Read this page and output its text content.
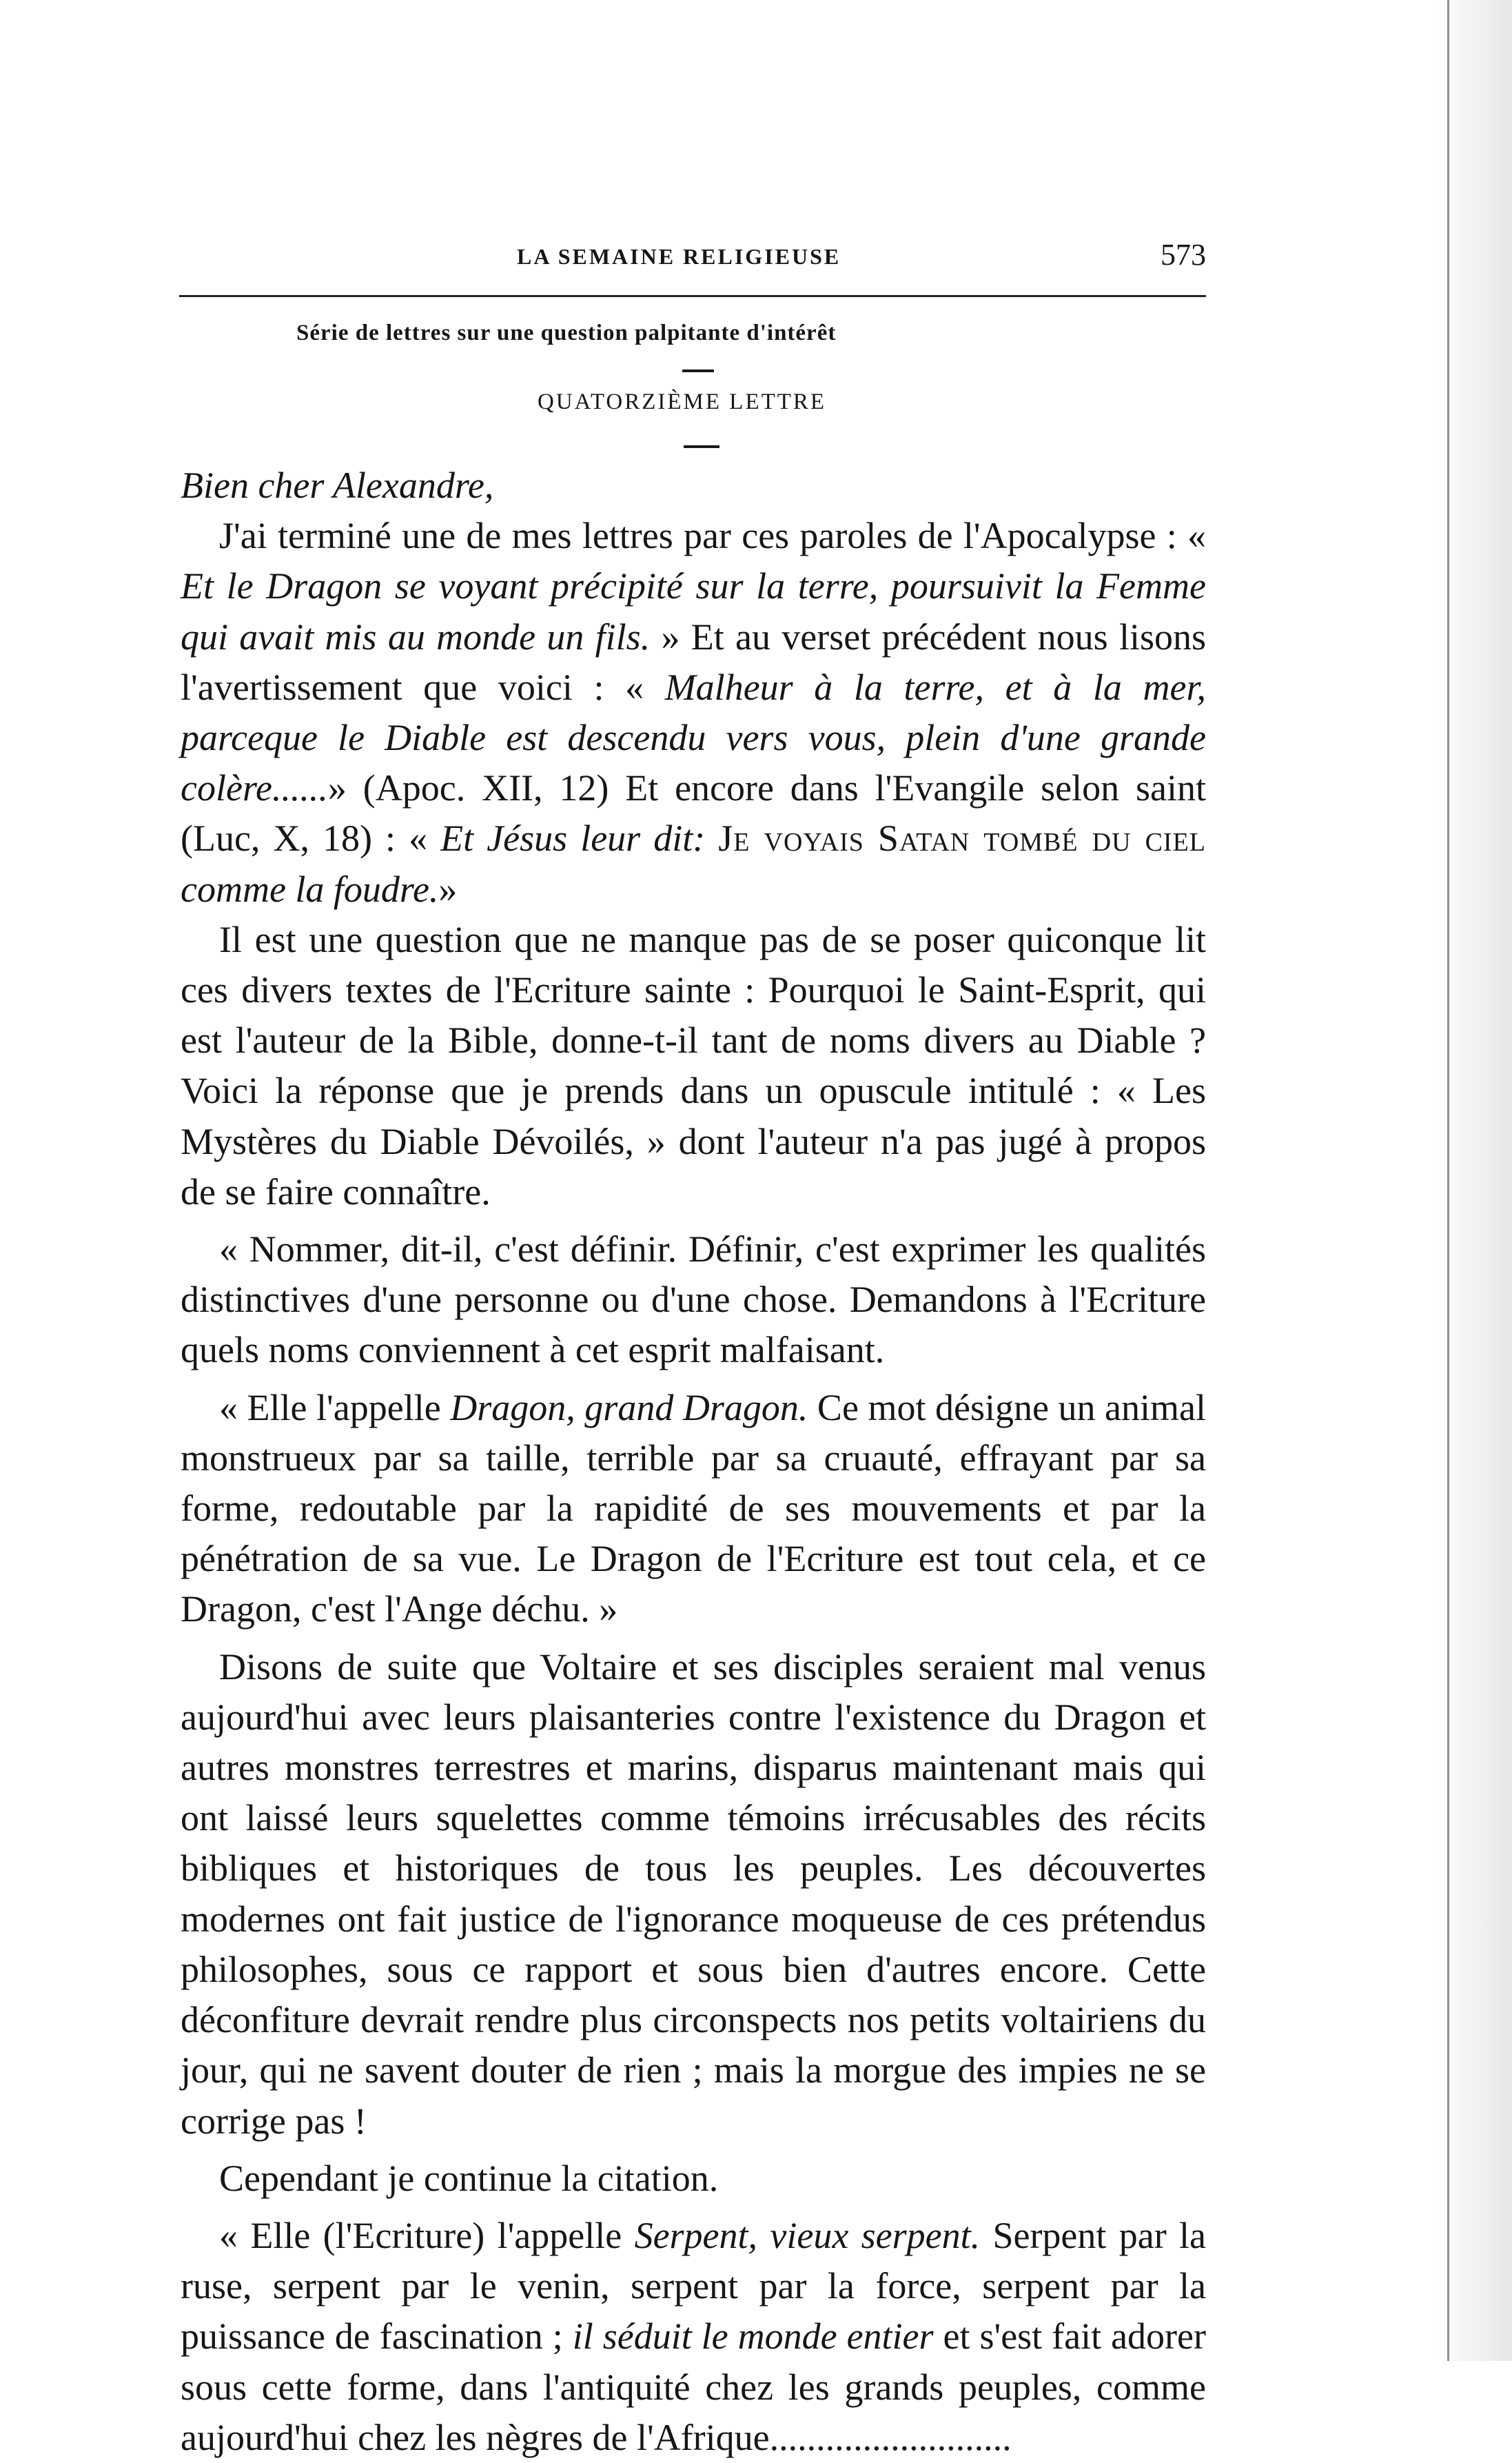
LA SEMAINE RELIGIEUSE	573
Série de lettres sur une question palpitante d'intérêt
QUATORZIÈME LETTRE

Bien cher Alexandre,

J'ai terminé une de mes lettres par ces paroles de l'Apocalypse : « Et le Dragon se voyant précipité sur la terre, poursuivit la Femme qui avait mis au monde un fils. » Et au verset précédent nous lisons l'avertissement que voici : « Malheur à la terre, et à la mer, parceque le Diable est descendu vers vous, plein d'une grande colère......» (Apoc. XII, 12) Et encore dans l'Evangile selon saint (Luc, X, 18) : « Et Jésus leur dit: Je voyais Satan tombé du ciel comme la foudre.»

Il est une question que ne manque pas de se poser quiconque lit ces divers textes de l'Ecriture sainte : Pourquoi le Saint-Esprit, qui est l'auteur de la Bible, donne-t-il tant de noms divers au Diable ? Voici la réponse que je prends dans un opuscule intitulé : « Les Mystères du Diable Dévoilés, » dont l'auteur n'a pas jugé à propos de se faire connaître.

« Nommer, dit-il, c'est définir. Définir, c'est exprimer les qualités distinctives d'une personne ou d'une chose. Demandons à l'Ecriture quels noms conviennent à cet esprit malfaisant.

« Elle l'appelle Dragon, grand Dragon. Ce mot désigne un animal monstrueux par sa taille, terrible par sa cruauté, effrayant par sa forme, redoutable par la rapidité de ses mouvements et par la pénétration de sa vue. Le Dragon de l'Ecriture est tout cela, et ce Dragon, c'est l'Ange déchu. »

Disons de suite que Voltaire et ses disciples seraient mal venus aujourd'hui avec leurs plaisanteries contre l'existence du Dragon et autres monstres terrestres et marins, disparus maintenant mais qui ont laissé leurs squelettes comme témoins irrécusables des récits bibliques et historiques de tous les peuples. Les découvertes modernes ont fait justice de l'ignorance moqueuse de ces prétendus philosophes, sous ce rapport et sous bien d'autres encore. Cette déconfiture devrait rendre plus circonspects nos petits voltairiens du jour, qui ne savent douter de rien ; mais la morgue des impies ne se corrige pas !

Cependant je continue la citation.

« Elle (l'Ecriture) l'appelle Serpent, vieux serpent. Serpent par la ruse, serpent par le venin, serpent par la force, serpent par la puissance de fascination ; il séduit le monde entier et s'est fait adorer sous cette forme, dans l'antiquité chez les grands peuples, comme aujourd'hui chez les nègres de l'Afrique..........................
